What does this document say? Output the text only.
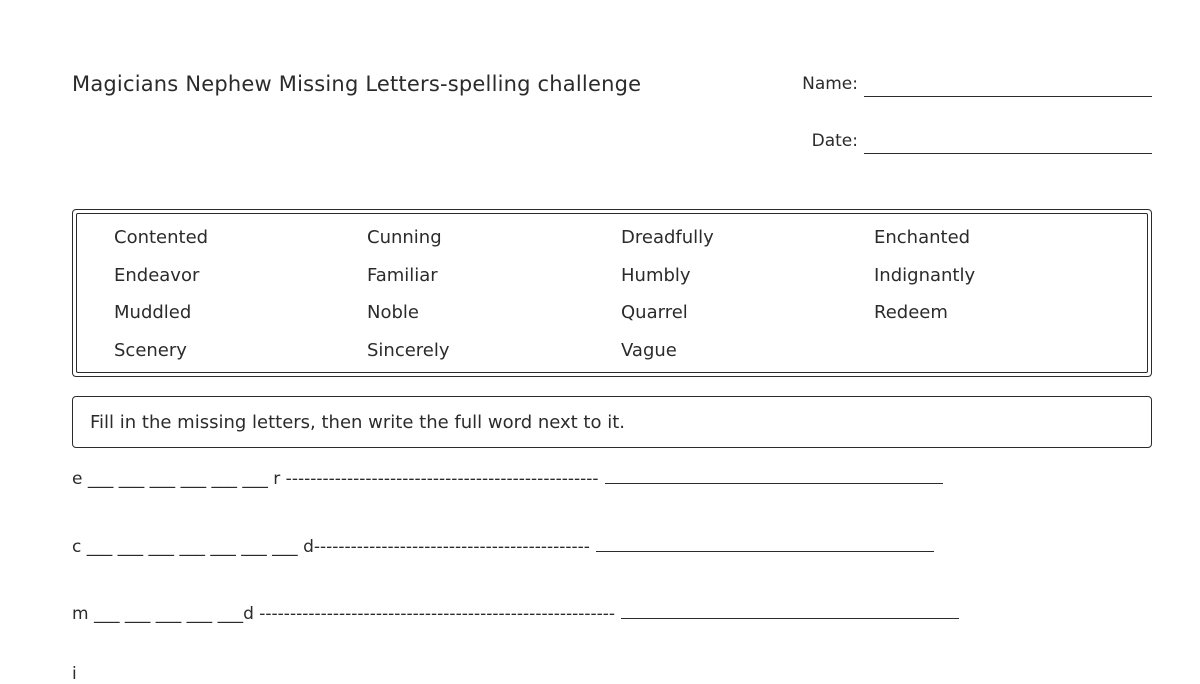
Magicians Nephew Missing Letters-spelling challenge	Name:
Date:
Contented	Cunning	Dreadfully	Enchanted
Endeavor	Familiar	Humbly	Indignantly
Muddled	Noble	Quarrel	Redeem
Scenery	Sincerely	Vague
Fill in the missing letters, then write the full word next to it.
e ___ ___ ___ ___ ___ ___ r ---------------------------------------------------
c ___ ___ ___ ___ ___ ___ ___ d---------------------------------------------
m ___ ___ ___ ___ ___d ----------------------------------------------------------
i
